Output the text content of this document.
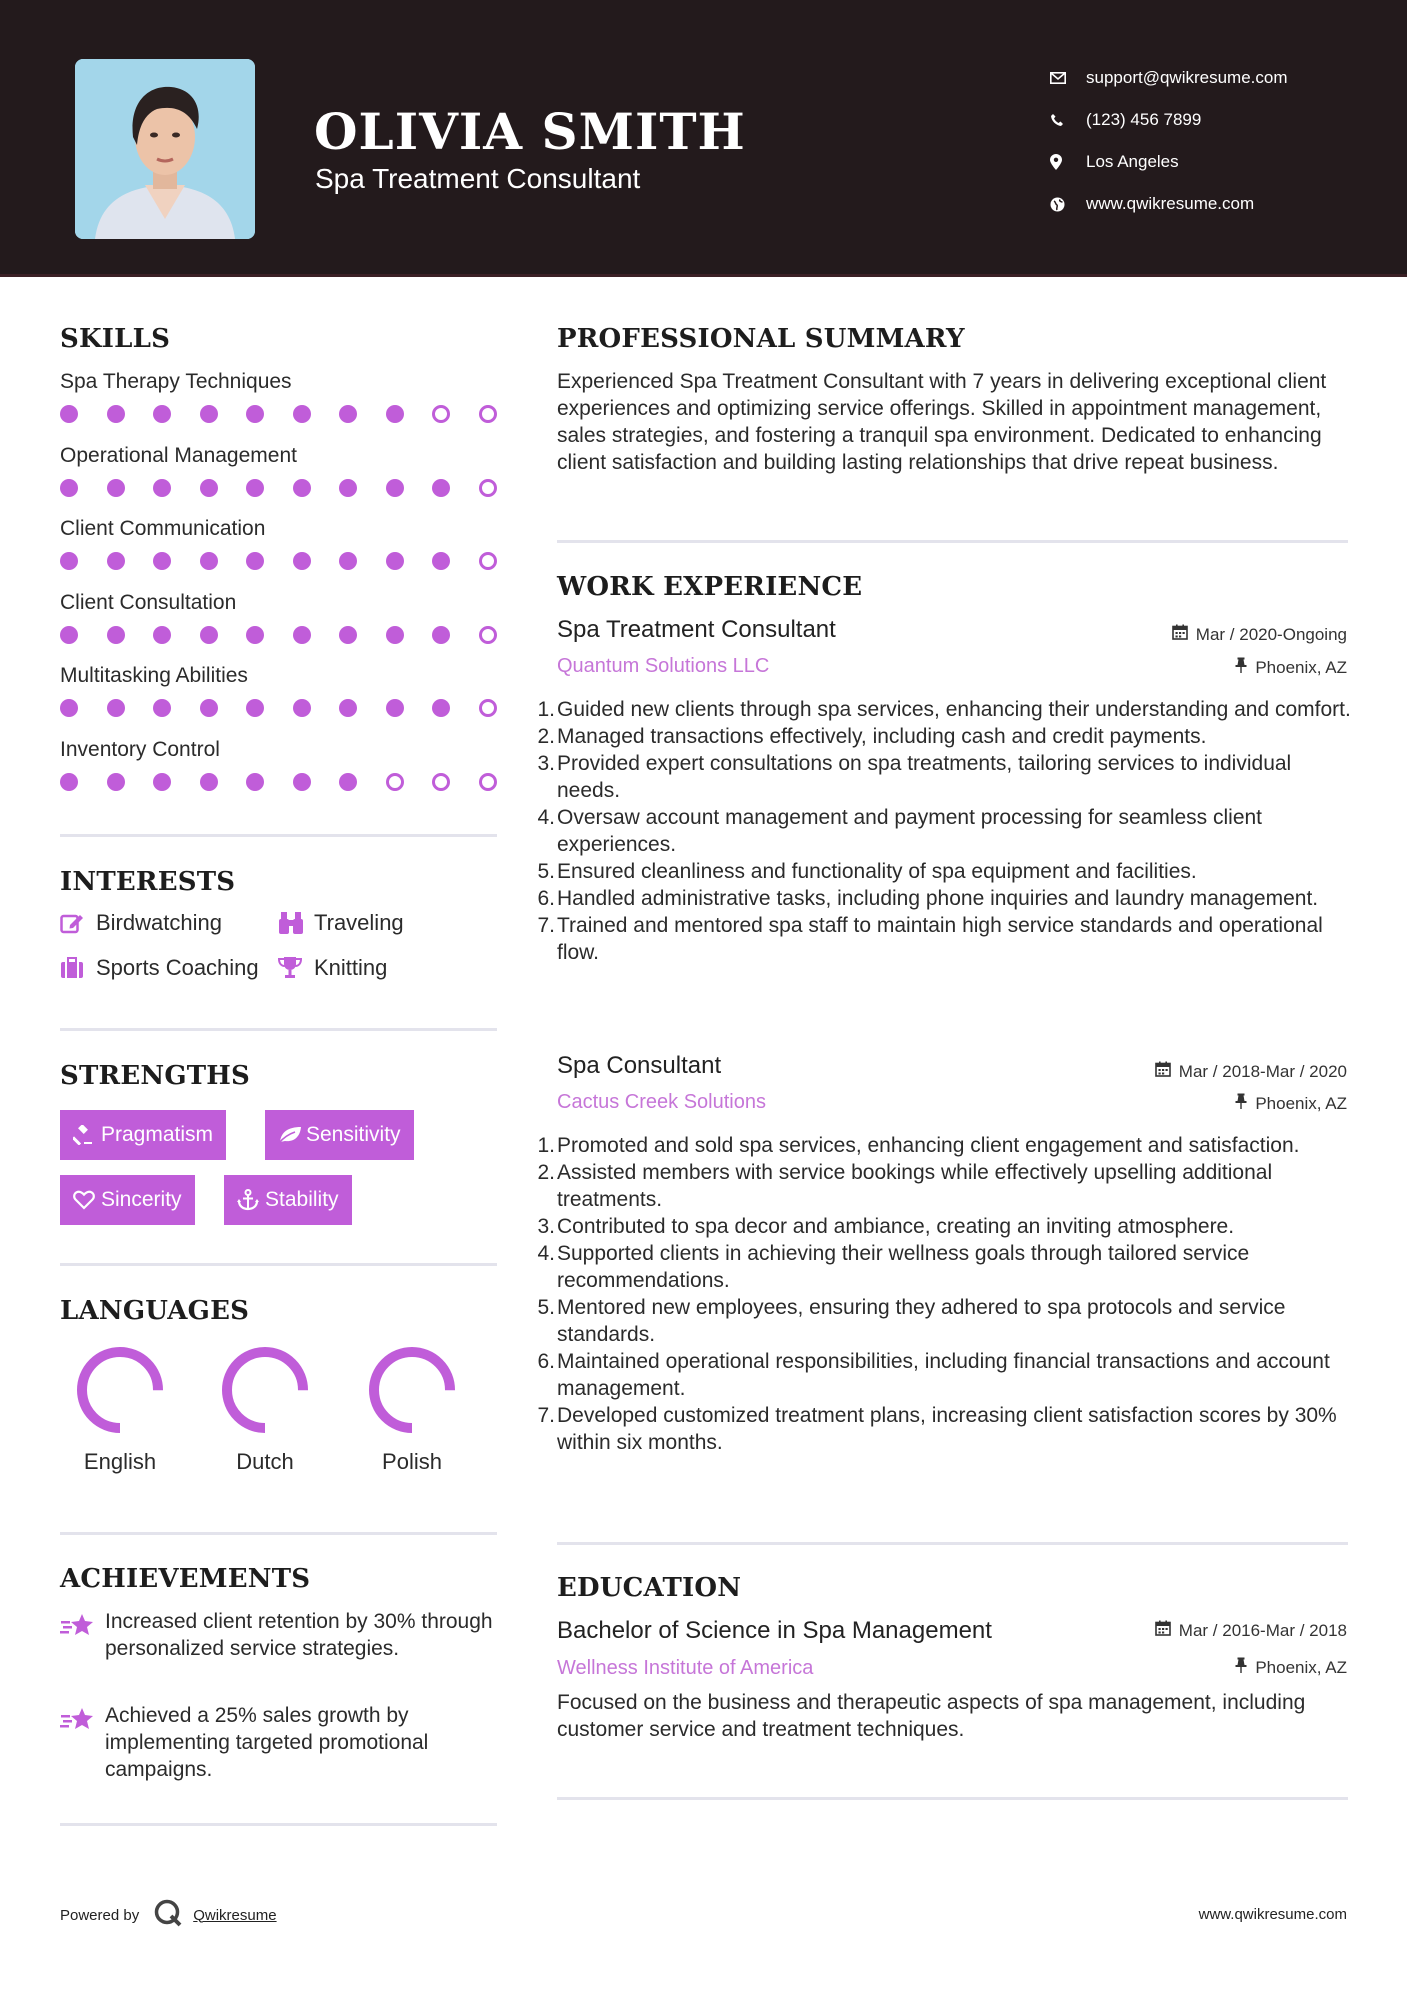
OLIVIA SMITH
Spa Treatment Consultant
support@qwikresume.com
(123) 456 7899
Los Angeles
www.qwikresume.com
SKILLS
Spa Therapy Techniques
Operational Management
Client Communication
Client Consultation
Multitasking Abilities
Inventory Control
INTERESTS
Birdwatching	Traveling
Sports Coaching	Knitting
STRENGTHS
Pragmatism	Sensitivity
Sincerity	Stability
LANGUAGES
English	Dutch	Polish
ACHIEVEMENTS
Increased client retention by 30% through personalized service strategies.
Achieved a 25% sales growth by implementing targeted promotional campaigns.
PROFESSIONAL SUMMARY
Experienced Spa Treatment Consultant with 7 years in delivering exceptional client experiences and optimizing service offerings. Skilled in appointment management, sales strategies, and fostering a tranquil spa environment. Dedicated to enhancing client satisfaction and building lasting relationships that drive repeat business.
WORK EXPERIENCE
Spa Treatment Consultant	Mar / 2020-Ongoing
Quantum Solutions LLC	Phoenix, AZ
1. Guided new clients through spa services, enhancing their understanding and comfort.
2. Managed transactions effectively, including cash and credit payments.
3. Provided expert consultations on spa treatments, tailoring services to individual needs.
4. Oversaw account management and payment processing for seamless client experiences.
5. Ensured cleanliness and functionality of spa equipment and facilities.
6. Handled administrative tasks, including phone inquiries and laundry management.
7. Trained and mentored spa staff to maintain high service standards and operational flow.
Spa Consultant	Mar / 2018-Mar / 2020
Cactus Creek Solutions	Phoenix, AZ
1. Promoted and sold spa services, enhancing client engagement and satisfaction.
2. Assisted members with service bookings while effectively upselling additional treatments.
3. Contributed to spa decor and ambiance, creating an inviting atmosphere.
4. Supported clients in achieving their wellness goals through tailored service recommendations.
5. Mentored new employees, ensuring they adhered to spa protocols and service standards.
6. Maintained operational responsibilities, including financial transactions and account management.
7. Developed customized treatment plans, increasing client satisfaction scores by 30% within six months.
EDUCATION
Bachelor of Science in Spa Management	Mar / 2016-Mar / 2018
Wellness Institute of America	Phoenix, AZ
Focused on the business and therapeutic aspects of spa management, including customer service and treatment techniques.
Powered by	Qwikresume	www.qwikresume.com
